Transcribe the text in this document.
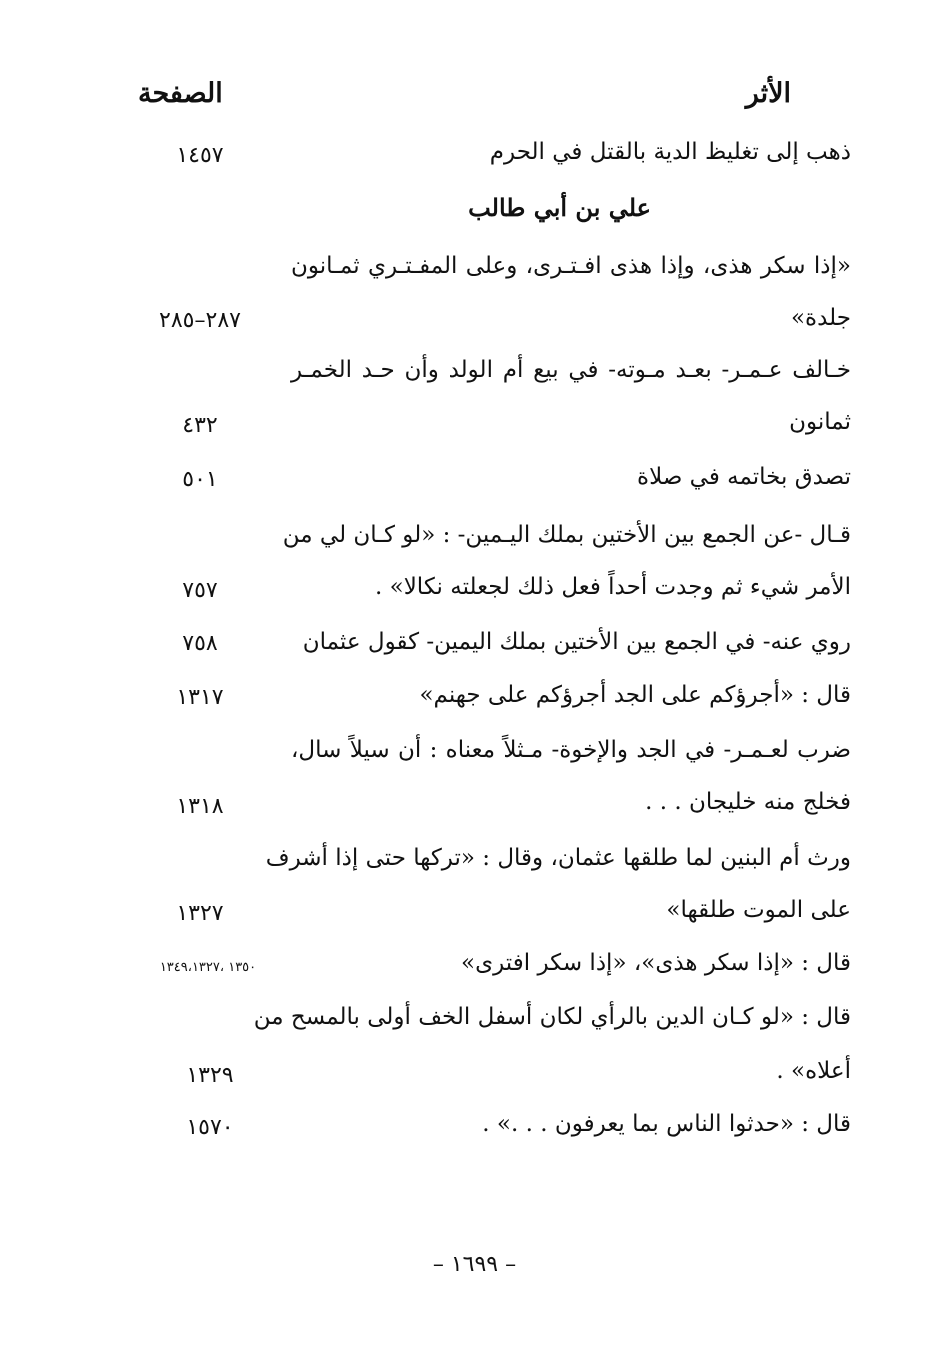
الأثر
الصفحة
ذهب إلى تغليظ الدية بالقتل في الحرم
١٤٥٧
علي بن أبي طالب
«إذا سكر هذى، وإذا هذى افـتـرى، وعلى المفـتـري ثمـانون
جلدة»
٢٨٧–٢٨٥
خـالف عـمـر- بعـد مـوته- في بيع أم الولد وأن حـد الخمـر
ثمانون
٤٣٢
تصدق بخاتمه في صلاة
٥٠١
قـال -عن الجمع بين الأختين بملك اليـمين- : «لو كـان لي من
الأمر شيء ثم وجدت أحداً فعل ذلك لجعلته نكالا» .
٧٥٧
روي عنه- في الجمع بين الأختين بملك اليمين- كقول عثمان
٧٥٨
قال : «أجرؤكم على الجد أجرؤكم على جهنم»
١٣١٧
ضرب لعـمـر- في الجد والإخوة- مـثلاً معناه : أن سيلاً سال،
فخلج منه خليجان . . .
١٣١٨
ورث أم البنين لما طلقها عثمان، وقال : «تركها حتى إذا أشرف
على الموت طلقها»
١٣٢٧
قال : «إذا سكر هذى»، «إذا سكر افترى»
١٣٥٠ ،١٣٤٩،١٣٢٧
قال : «لو كـان الدين بالرأي لكان أسفل الخف أولى بالمسح من
أعلاه» .
١٣٢٩
قال : «حدثوا الناس بما يعرفون . . .» .
١٥٧٠
– ١٦٩٩ –
